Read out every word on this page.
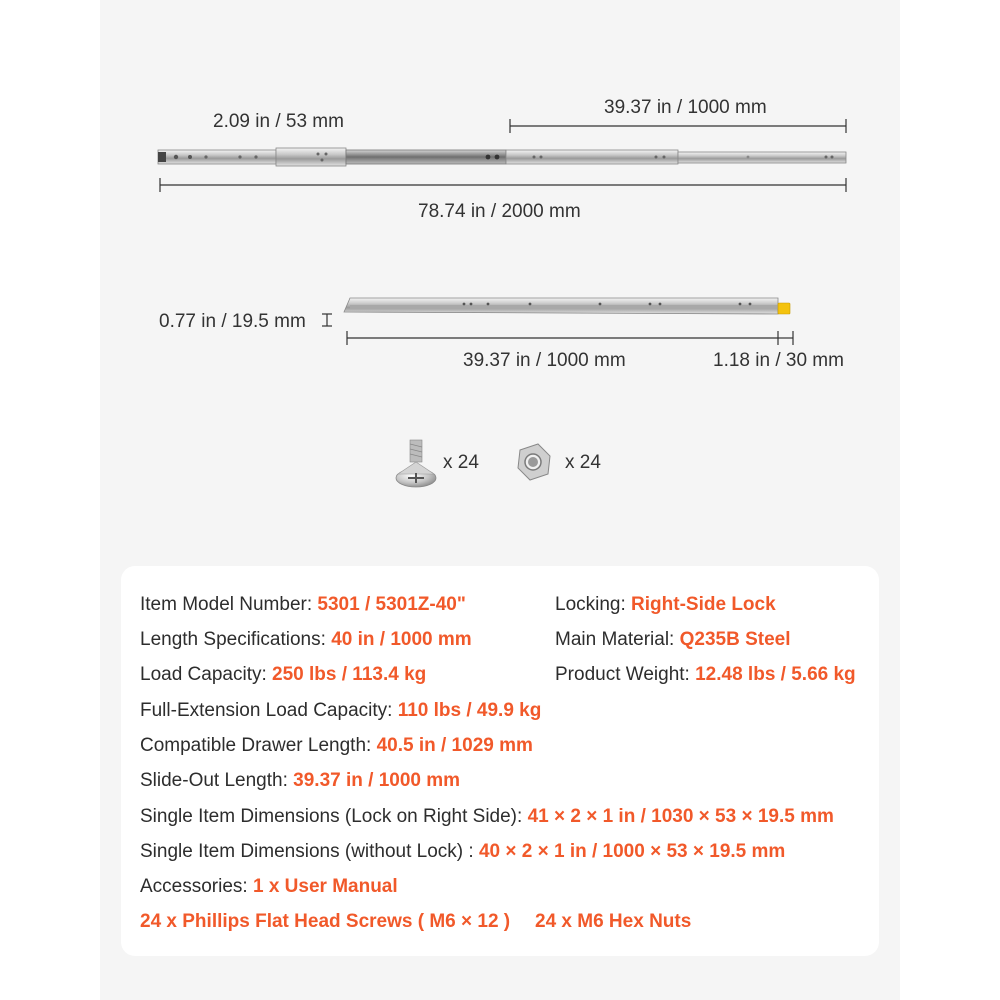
2.09 in / 53 mm
39.37 in / 1000 mm
78.74 in / 2000 mm
0.77 in / 19.5 mm
39.37 in / 1000 mm	1.18 in / 30 mm
x 24	x 24
Item Model Number: 5301 / 5301Z-40"
Length Specifications: 40 in / 1000 mm
Load Capacity: 250 lbs / 113.4 kg
Full-Extension Load Capacity: 110 lbs / 49.9 kg
Compatible Drawer Length: 40.5 in / 1029 mm
Slide-Out Length: 39.37 in / 1000 mm
Single Item Dimensions (Lock on Right Side): 41 × 2 × 1 in / 1030 × 53 × 19.5 mm
Single Item Dimensions (without Lock) : 40 × 2 × 1 in / 1000 × 53 × 19.5 mm
Accessories: 1 x User Manual
24 x Phillips Flat Head Screws ( M6 × 12 ) 24 x M6 Hex Nuts
Locking: Right-Side Lock
Main Material: Q235B Steel
Product Weight: 12.48 lbs / 5.66 kg
